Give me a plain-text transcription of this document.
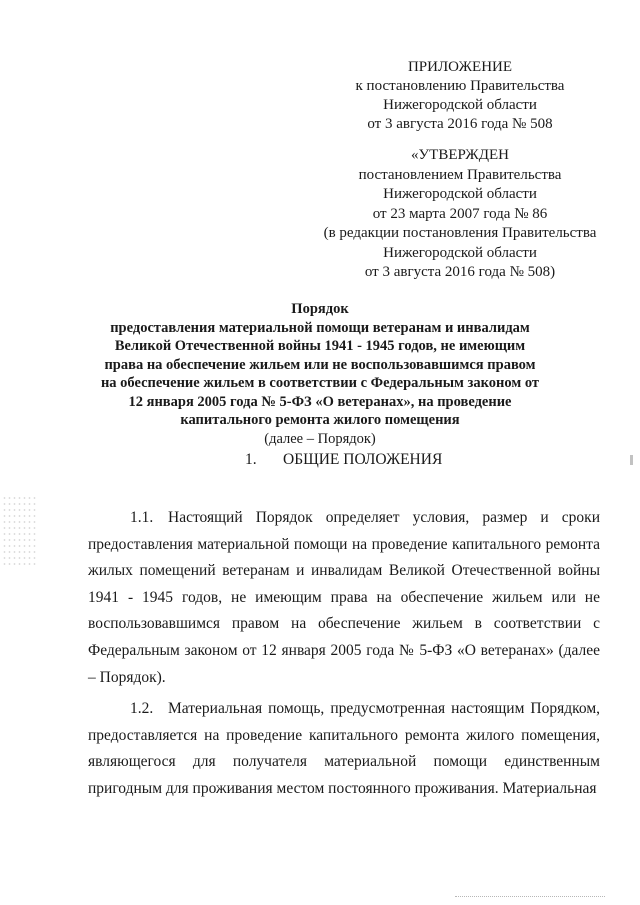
ПРИЛОЖЕНИЕ
к постановлению Правительства
Нижегородской области
от 3 августа 2016 года № 508
«УТВЕРЖДЕН
постановлением Правительства
Нижегородской области
от 23 марта 2007 года № 86
(в редакции постановления Правительства
Нижегородской области
от 3 августа 2016 года № 508)
Порядок
предоставления материальной помощи ветеранам и инвалидам
Великой Отечественной войны 1941 - 1945 годов, не имеющим
права на обеспечение жильем или не воспользовавшимся правом
на обеспечение жильем в соответствии с Федеральным законом от
12 января 2005 года № 5-ФЗ «О ветеранах», на проведение
капитального ремонта жилого помещения
(далее – Порядок)
1. ОБЩИЕ ПОЛОЖЕНИЯ

1.1. Настоящий Порядок определяет условия, размер и сроки предоставления материальной помощи на проведение капитального ремонта жилых помещений ветеранам и инвалидам Великой Отечественной войны 1941 - 1945 годов, не имеющим права на обеспечение жильем или не воспользовавшимся правом на обеспечение жильем в соответствии с Федеральным законом от 12 января 2005 года № 5-ФЗ «О ветеранах» (далее – Порядок).

1.2. Материальная помощь, предусмотренная настоящим Порядком, предоставляется на проведение капитального ремонта жилого помещения, являющегося для получателя материальной помощи единственным пригодным для проживания местом постоянного проживания. Материальная
